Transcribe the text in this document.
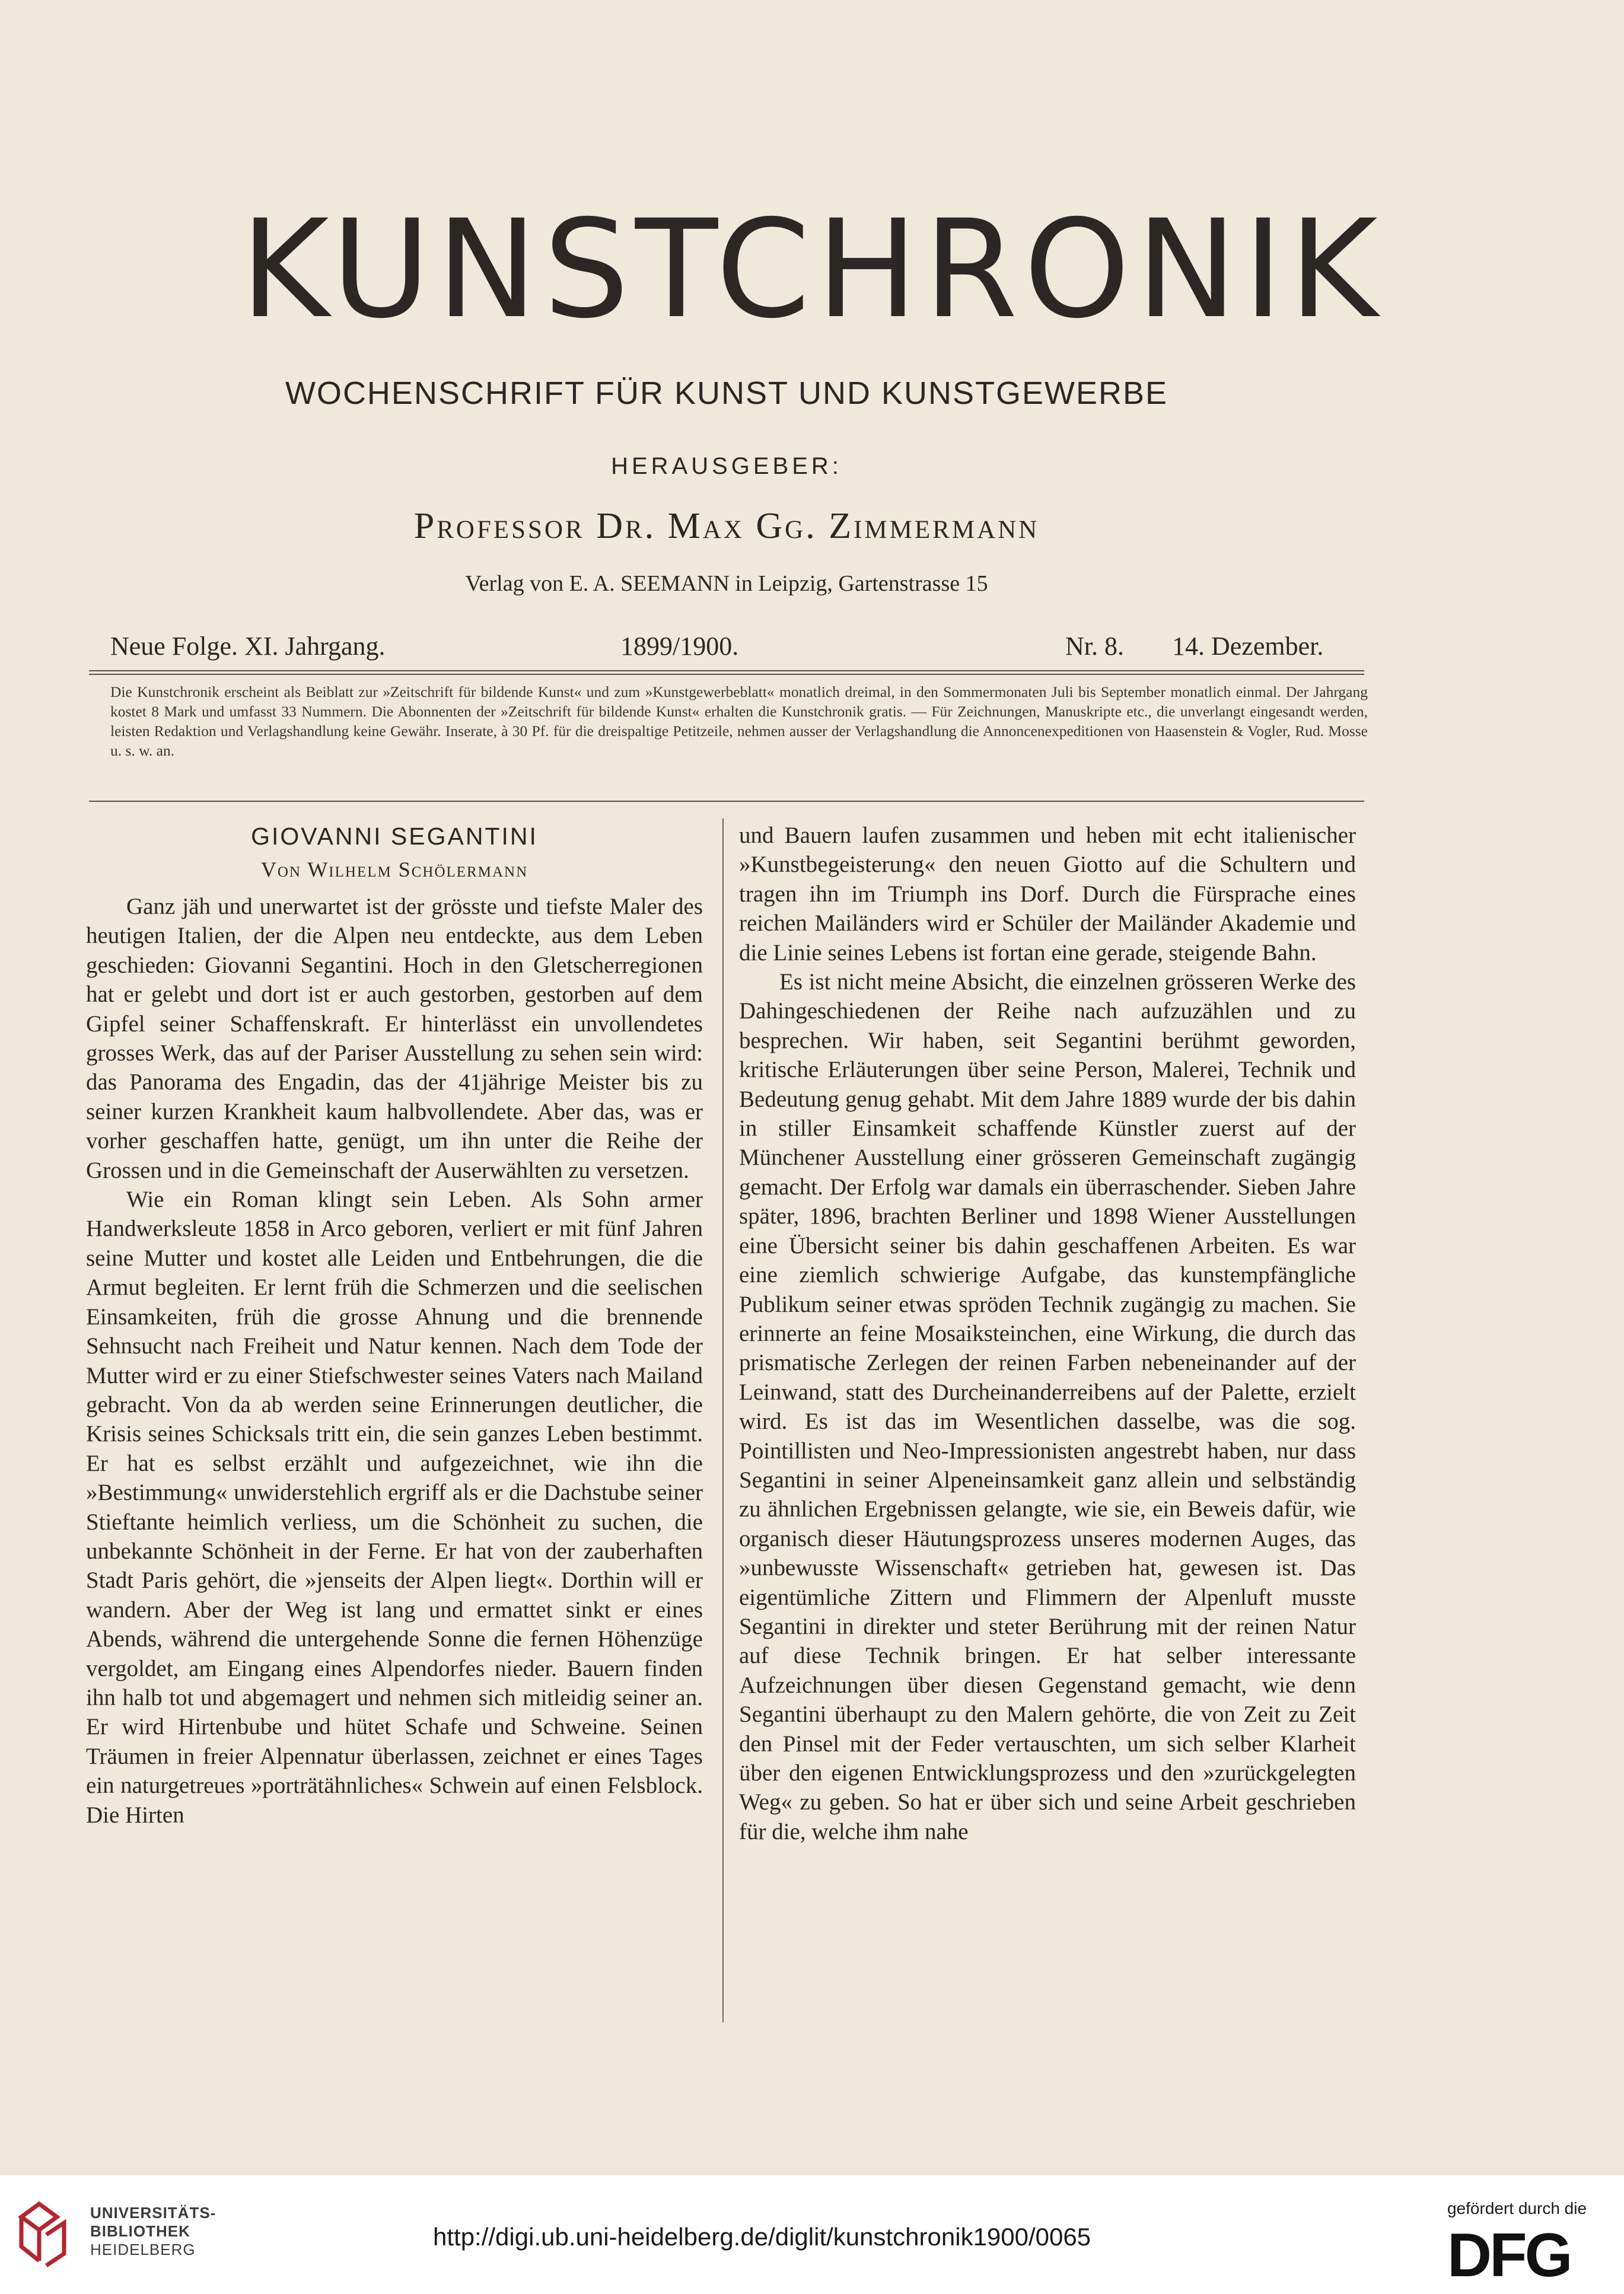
KUNSTCHRONIK
WOCHENSCHRIFT FÜR KUNST UND KUNSTGEWERBE
HERAUSGEBER:
Professor Dr. Max Gg. Zimmermann
Verlag von E. A. SEEMANN in Leipzig, Gartenstrasse 15
Neue Folge. XI. Jahrgang.	1899/1900.	Nr. 8. 14. Dezember.
Die Kunstchronik erscheint als Beiblatt zur »Zeitschrift für bildende Kunst« und zum »Kunstgewerbeblatt« monatlich dreimal, in den Sommermonaten Juli bis September monatlich einmal. Der Jahrgang kostet 8 Mark und umfasst 33 Nummern. Die Abonnenten der »Zeitschrift für bildende Kunst« erhalten die Kunstchronik gratis. — Für Zeichnungen, Manuskripte etc., die unverlangt eingesandt werden, leisten Redaktion und Verlagshandlung keine Gewähr. Inserate, à 30 Pf. für die dreispaltige Petitzeile, nehmen ausser der Verlagshandlung die Annoncenexpeditionen von Haasenstein & Vogler, Rud. Mosse u. s. w. an.
GIOVANNI SEGANTINI
Von Wilhelm Schölermann

Ganz jäh und unerwartet ist der grösste und tiefste Maler des heutigen Italien, der die Alpen neu entdeckte, aus dem Leben geschieden: Giovanni Segantini. Hoch in den Gletscherregionen hat er gelebt und dort ist er auch gestorben, gestorben auf dem Gipfel seiner Schaffenskraft. Er hinterlässt ein unvollendetes grosses Werk, das auf der Pariser Ausstellung zu sehen sein wird: das Panorama des Engadin, das der 41jährige Meister bis zu seiner kurzen Krankheit kaum halbvollendete. Aber das, was er vorher geschaffen hatte, genügt, um ihn unter die Reihe der Grossen und in die Gemeinschaft der Auserwählten zu versetzen.

Wie ein Roman klingt sein Leben. Als Sohn armer Handwerksleute 1858 in Arco geboren, verliert er mit fünf Jahren seine Mutter und kostet alle Leiden und Entbehrungen, die die Armut begleiten. Er lernt früh die Schmerzen und die seelischen Einsamkeiten, früh die grosse Ahnung und die brennende Sehnsucht nach Freiheit und Natur kennen. Nach dem Tode der Mutter wird er zu einer Stiefschwester seines Vaters nach Mailand gebracht. Von da ab werden seine Erinnerungen deutlicher, die Krisis seines Schicksals tritt ein, die sein ganzes Leben bestimmt. Er hat es selbst erzählt und aufgezeichnet, wie ihn die »Bestimmung« unwiderstehlich ergriff als er die Dachstube seiner Stieftante heimlich verliess, um die Schönheit zu suchen, die unbekannte Schönheit in der Ferne. Er hat von der zauberhaften Stadt Paris gehört, die »jenseits der Alpen liegt«. Dorthin will er wandern. Aber der Weg ist lang und ermattet sinkt er eines Abends, während die untergehende Sonne die fernen Höhenzüge vergoldet, am Eingang eines Alpendorfes nieder. Bauern finden ihn halb tot und abgemagert und nehmen sich mitleidig seiner an. Er wird Hirtenbube und hütet Schafe und Schweine. Seinen Träumen in freier Alpennatur überlassen, zeichnet er eines Tages ein naturgetreues »porträtähnliches« Schwein auf einen Felsblock. Die Hirten

und Bauern laufen zusammen und heben mit echt italienischer »Kunstbegeisterung« den neuen Giotto auf die Schultern und tragen ihn im Triumph ins Dorf. Durch die Fürsprache eines reichen Mailänders wird er Schüler der Mailänder Akademie und die Linie seines Lebens ist fortan eine gerade, steigende Bahn.

Es ist nicht meine Absicht, die einzelnen grösseren Werke des Dahingeschiedenen der Reihe nach aufzuzählen und zu besprechen. Wir haben, seit Segantini berühmt geworden, kritische Erläuterungen über seine Person, Malerei, Technik und Bedeutung genug gehabt. Mit dem Jahre 1889 wurde der bis dahin in stiller Einsamkeit schaffende Künstler zuerst auf der Münchener Ausstellung einer grösseren Gemeinschaft zugängig gemacht. Der Erfolg war damals ein überraschender. Sieben Jahre später, 1896, brachten Berliner und 1898 Wiener Ausstellungen eine Übersicht seiner bis dahin geschaffenen Arbeiten. Es war eine ziemlich schwierige Aufgabe, das kunstempfängliche Publikum seiner etwas spröden Technik zugängig zu machen. Sie erinnerte an feine Mosaiksteinchen, eine Wirkung, die durch das prismatische Zerlegen der reinen Farben nebeneinander auf der Leinwand, statt des Durcheinanderreibens auf der Palette, erzielt wird. Es ist das im Wesentlichen dasselbe, was die sog. Pointillisten und Neo-Impressionisten angestrebt haben, nur dass Segantini in seiner Alpeneinsamkeit ganz allein und selbständig zu ähnlichen Ergebnissen gelangte, wie sie, ein Beweis dafür, wie organisch dieser Häutungsprozess unseres modernen Auges, das »unbewusste Wissenschaft« getrieben hat, gewesen ist. Das eigentümliche Zittern und Flimmern der Alpenluft musste Segantini in direkter und steter Berührung mit der reinen Natur auf diese Technik bringen. Er hat selber interessante Aufzeichnungen über diesen Gegenstand gemacht, wie denn Segantini überhaupt zu den Malern gehörte, die von Zeit zu Zeit den Pinsel mit der Feder vertauschten, um sich selber Klarheit über den eigenen Entwicklungsprozess und den »zurückgelegten Weg« zu geben. So hat er über sich und seine Arbeit geschrieben für die, welche ihm nahe

UNIVERSITÄTS-
BIBLIOTHEK
HEIDELBERG	http://digi.ub.uni-heidelberg.de/diglit/kunstchronik1900/0065
gefördert durch die
DFG
